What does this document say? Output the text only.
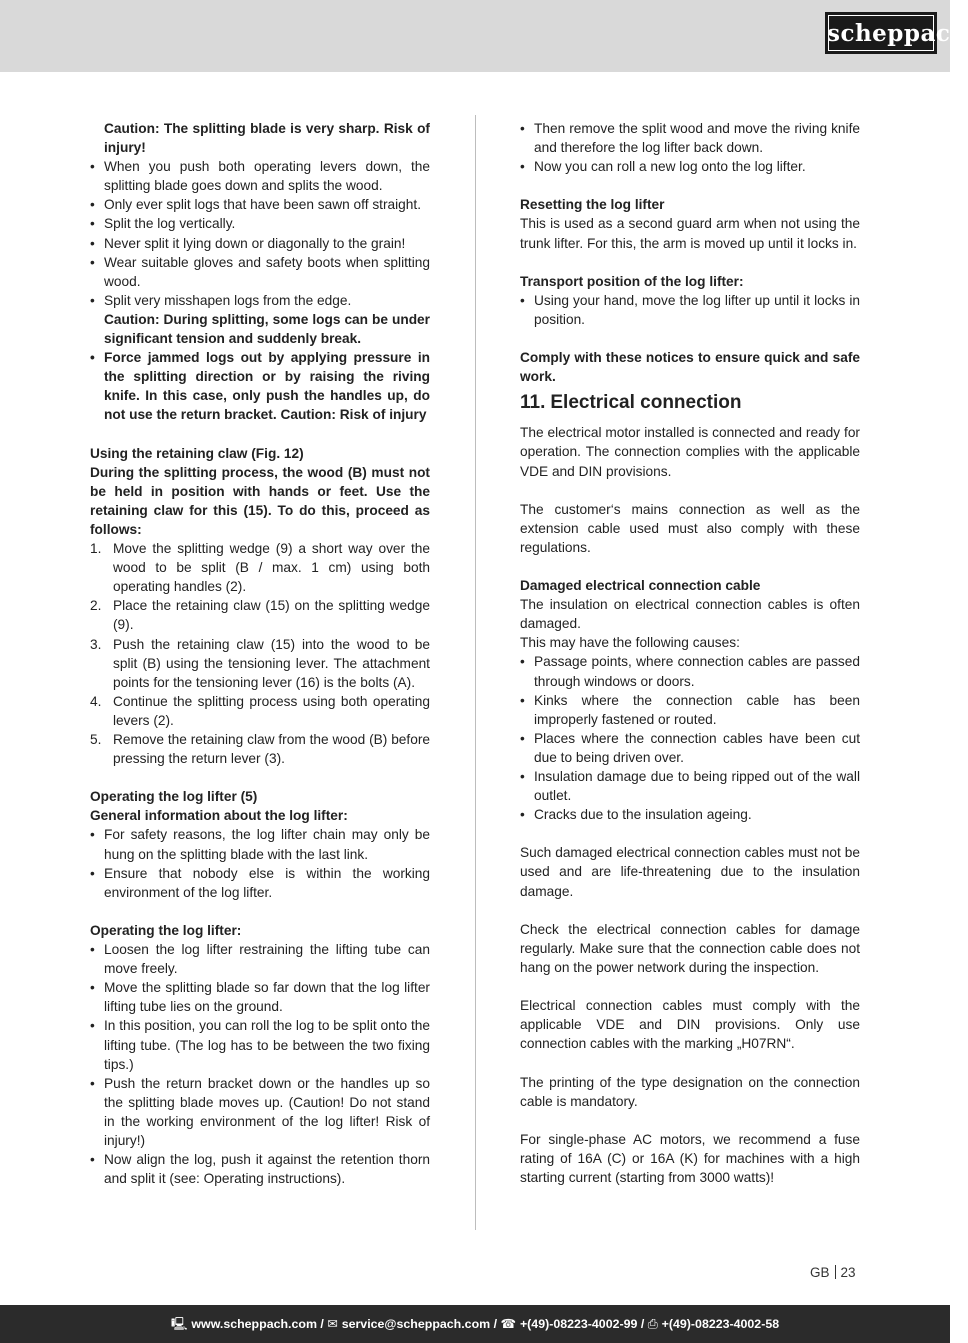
scheppach

Caution: The splitting blade is very sharp. Risk of injury!

• When you push both operating levers down, the splitting blade goes down and splits the wood.
• Only ever split logs that have been sawn off straight.
• Split the log vertically.
• Never split it lying down or diagonally to the grain!
• Wear suitable gloves and safety boots when splitting wood.
• Split very misshapen logs from the edge.

Caution: During splitting, some logs can be under significant tension and suddenly break.

• Force jammed logs out by applying pressure in the splitting direction or by raising the riving knife. In this case, only push the handles up, do not use the return bracket. Caution: Risk of injury

Using the retaining claw (Fig. 12)

During the splitting process, the wood (B) must not be held in position with hands or feet. Use the retaining claw for this (15). To do this, proceed as follows:

1. Move the splitting wedge (9) a short way over the wood to be split (B / max. 1 cm) using both operating handles (2).
2. Place the retaining claw (15) on the splitting wedge (9).
3. Push the retaining claw (15) into the wood to be split (B) using the tensioning lever. The attachment points for the tensioning lever (16) is the bolts (A).
4. Continue the splitting process using both operating levers (2).
5. Remove the retaining claw from the wood (B) before pressing the return lever (3).

Operating the log lifter (5)

General information about the log lifter:

• For safety reasons, the log lifter chain may only be hung on the splitting blade with the last link.
• Ensure that nobody else is within the working environment of the log lifter.

Operating the log lifter:

• Loosen the log lifter restraining the lifting tube can move freely.
• Move the splitting blade so far down that the log lifter lifting tube lies on the ground.
• In this position, you can roll the log to be split onto the lifting tube. (The log has to be between the two fixing tips.)
• Push the return bracket down or the handles up so the splitting blade moves up. (Caution! Do not stand in the working environment of the log lifter! Risk of injury!)
• Now align the log, push it against the retention thorn and split it (see: Operating instructions).
• Then remove the split wood and move the riving knife and therefore the log lifter back down.
• Now you can roll a new log onto the log lifter.

Resetting the log lifter

This is used as a second guard arm when not using the trunk lifter. For this, the arm is moved up until it locks in.

Transport position of the log lifter:

• Using your hand, move the log lifter up until it locks in position.

Comply with these notices to ensure quick and safe work.

11. Electrical connection

The electrical motor installed is connected and ready for operation. The connection complies with the applicable VDE and DIN provisions.

The customer‘s mains connection as well as the extension cable used must also comply with these regulations.

Damaged electrical connection cable

The insulation on electrical connection cables is often damaged.

This may have the following causes:

• Passage points, where connection cables are passed through windows or doors.
• Kinks where the connection cable has been improperly fastened or routed.
• Places where the connection cables have been cut due to being driven over.
• Insulation damage due to being ripped out of the wall outlet.
• Cracks due to the insulation ageing.

Such damaged electrical connection cables must not be used and are life-threatening due to the insulation damage.

Check the electrical connection cables for damage regularly. Make sure that the connection cable does not hang on the power network during the inspection.

Electrical connection cables must comply with the applicable VDE and DIN provisions. Only use connection cables with the marking „H07RN“.

The printing of the type designation on the connection cable is mandatory.

For single-phase AC motors, we recommend a fuse rating of 16A (C) or 16A (K) for machines with a high starting current (starting from 3000 watts)!

GB 23
🖳 www.scheppach.com / ✉ service@scheppach.com / ☎ +(49)-08223-4002-99 / ⎙ +(49)-08223-4002-58
